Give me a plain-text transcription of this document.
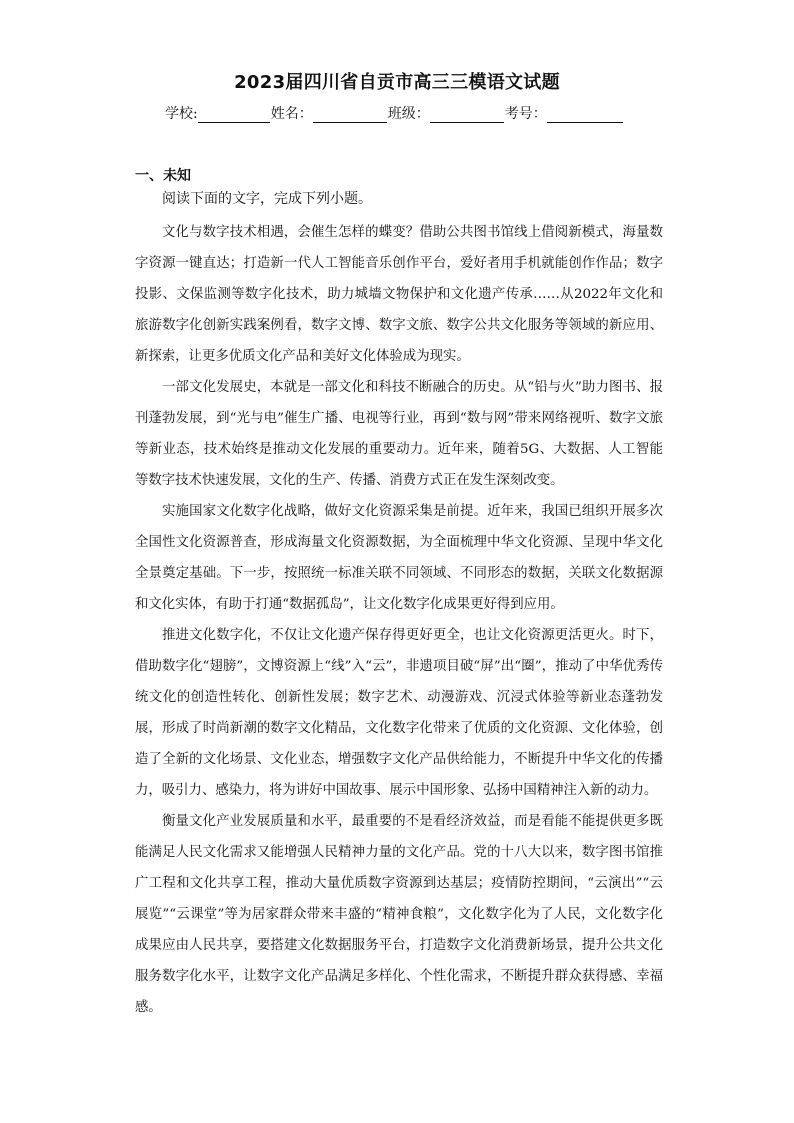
2023届四川省自贡市高三三模语文试题
学校:	姓名：	班级：	考号：
一、未知
阅读下面的文字，完成下列小题。

文化与数字技术相遇，会催生怎样的蝶变？借助公共图书馆线上借阅新模式，海量数字资源一键直达；打造新一代人工智能音乐创作平台，爱好者用手机就能创作作品；数字投影、文保监测等数字化技术，助力城墙文物保护和文化遗产传承……从2022年文化和旅游数字化创新实践案例看，数字文博、数字文旅、数字公共文化服务等领域的新应用、新探索，让更多优质文化产品和美好文化体验成为现实。

一部文化发展史，本就是一部文化和科技不断融合的历史。从“铅与火”助力图书、报刊蓬勃发展，到“光与电”催生广播、电视等行业，再到“数与网”带来网络视听、数字文旅等新业态，技术始终是推动文化发展的重要动力。近年来，随着5G、大数据、人工智能等数字技术快速发展，文化的生产、传播、消费方式正在发生深刻改变。

实施国家文化数字化战略，做好文化资源采集是前提。近年来，我国已组织开展多次全国性文化资源普查，形成海量文化资源数据，为全面梳理中华文化资源、呈现中华文化全景奠定基础。下一步，按照统一标准关联不同领域、不同形态的数据，关联文化数据源和文化实体，有助于打通“数据孤岛”，让文化数字化成果更好得到应用。

推进文化数字化，不仅让文化遗产保存得更好更全，也让文化资源更活更火。时下，借助数字化“翅膀”，文博资源上“线”入“云”，非遗项目破“屏”出“圈”，推动了中华优秀传统文化的创造性转化、创新性发展；数字艺术、动漫游戏、沉浸式体验等新业态蓬勃发展，形成了时尚新潮的数字文化精品，文化数字化带来了优质的文化资源、文化体验，创造了全新的文化场景、文化业态，增强数字文化产品供给能力，不断提升中华文化的传播力，吸引力、感染力，将为讲好中国故事、展示中国形象、弘扬中国精神注入新的动力。

衡量文化产业发展质量和水平，最重要的不是看经济效益，而是看能不能提供更多既能满足人民文化需求又能增强人民精神力量的文化产品。党的十八大以来，数字图书馆推广工程和文化共享工程，推动大量优质数字资源到达基层；疫情防控期间，“云演出”“云展览”“云课堂”等为居家群众带来丰盛的“精神食粮”，文化数字化为了人民，文化数字化成果应由人民共享，要搭建文化数据服务平台，打造数字文化消费新场景，提升公共文化服务数字化水平，让数字文化产品满足多样化、个性化需求，不断提升群众获得感、幸福感。
